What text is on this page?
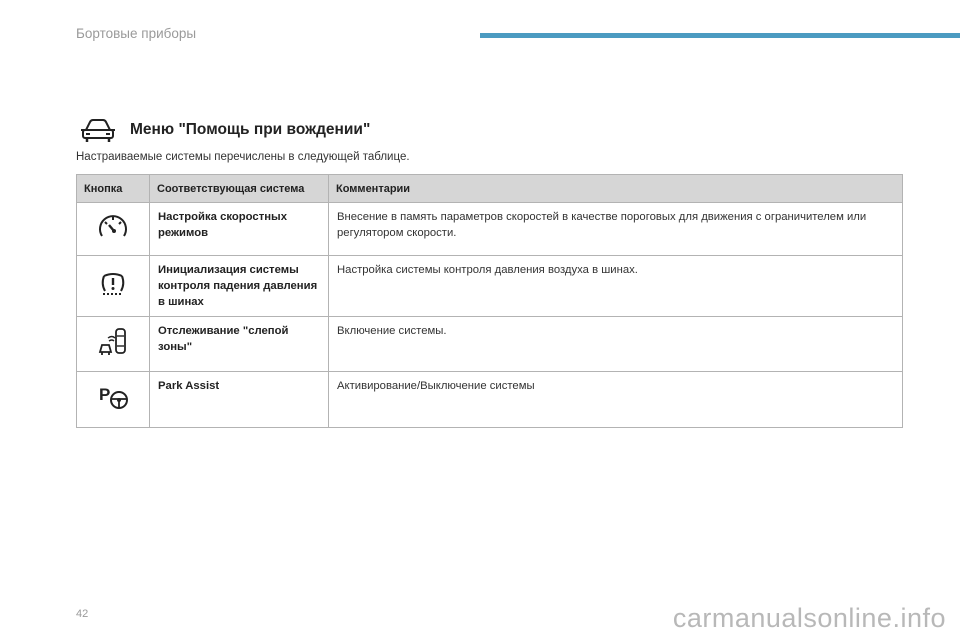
Бортовые приборы
Меню "Помощь при вождении"
Настраиваемые системы перечислены в следующей таблице.
Кнопка	Соответствующая система	Комментарии

	Настройка скоростных режимов	Внесение в память параметров скоростей в качестве пороговых для движения с ограничителем или регулятором скорости.

	Инициализация системы контроля падения давления в шинах	Настройка системы контроля давления воздуха в шинах.

	Отслеживание "слепой зоны"	Включение системы.

P	Park Assist	Активирование/Выключение системы
42	carmanualsonline.info
